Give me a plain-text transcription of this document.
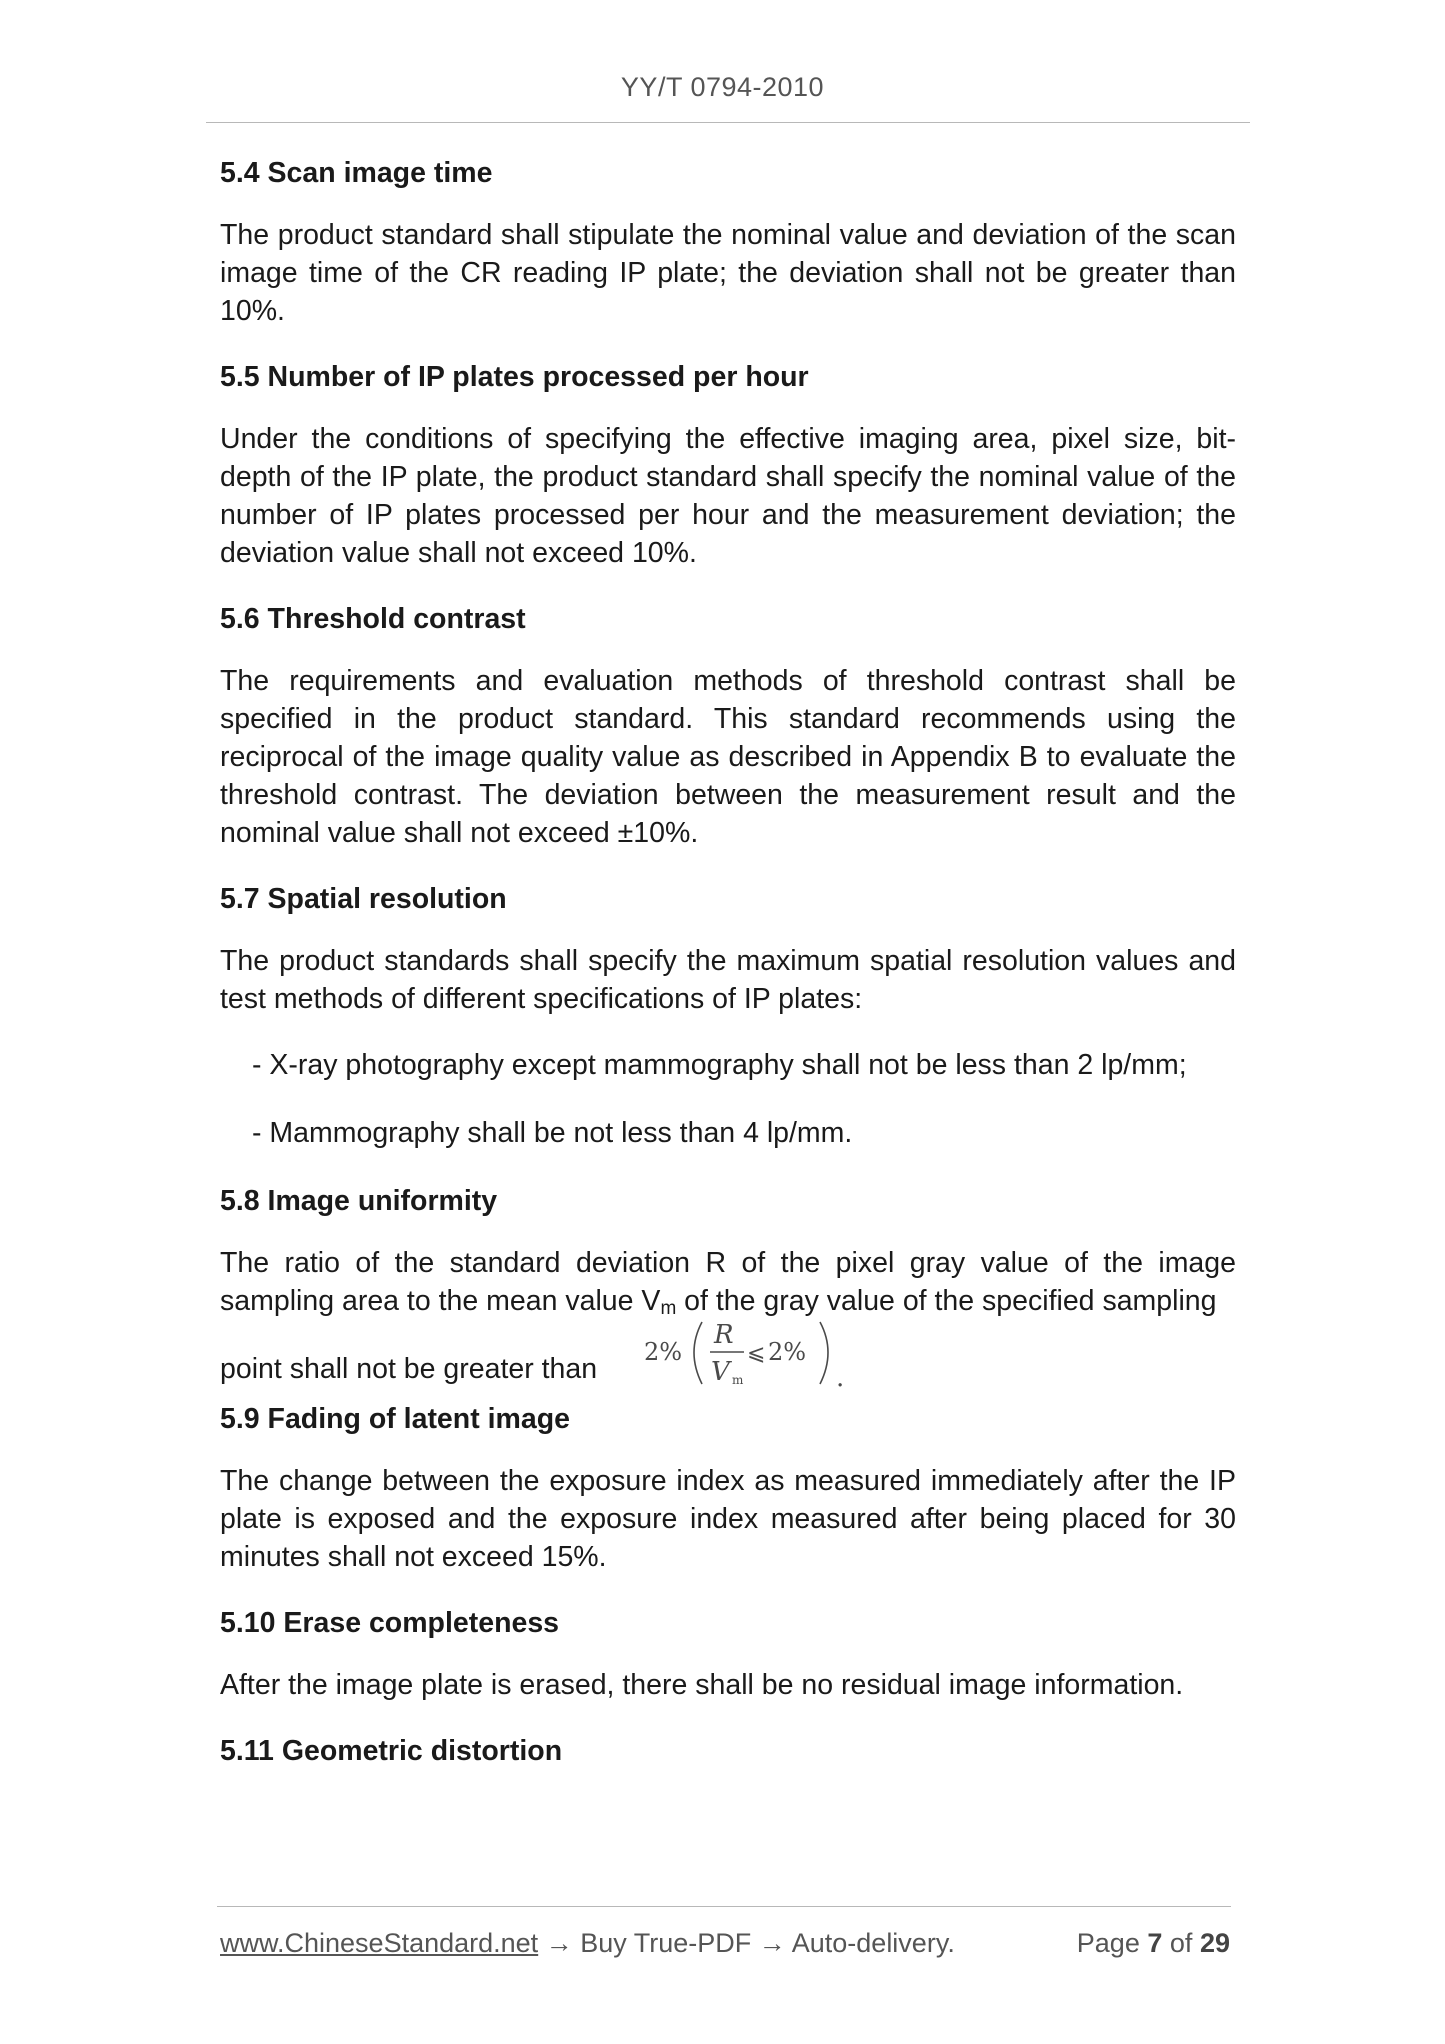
YY/T 0794-2010
5.4 Scan image time

The product standard shall stipulate the nominal value and deviation of the scan image time of the CR reading IP plate; the deviation shall not be greater than 10%.

5.5 Number of IP plates processed per hour

Under the conditions of specifying the effective imaging area, pixel size, bit-depth of the IP plate, the product standard shall specify the nominal value of the number of IP plates processed per hour and the measurement deviation; the deviation value shall not exceed 10%.

5.6 Threshold contrast

The requirements and evaluation methods of threshold contrast shall be specified in the product standard. This standard recommends using the reciprocal of the image quality value as described in Appendix B to evaluate the threshold contrast. The deviation between the measurement result and the nominal value shall not exceed ±10%.

5.7 Spatial resolution

The product standards shall specify the maximum spatial resolution values and test methods of different specifications of IP plates:

- X-ray photography except mammography shall not be less than 2 lp/mm;

- Mammography shall be not less than 4 lp/mm.

5.8 Image uniformity

The ratio of the standard deviation R of the pixel gray value of the image sampling area to the mean value $V_m$ of the gray value of the specified sampling

point shall not be greater than
2%
R
V m
⩽ 2%
.
5.9 Fading of latent image

The change between the exposure index as measured immediately after the IP plate is exposed and the exposure index measured after being placed for 30 minutes shall not exceed 15%.

5.10 Erase completeness

After the image plate is erased, there shall be no residual image information.

5.11 Geometric distortion
www.ChineseStandard.net → Buy True-PDF → Auto-delivery.	Page 7 of 29
